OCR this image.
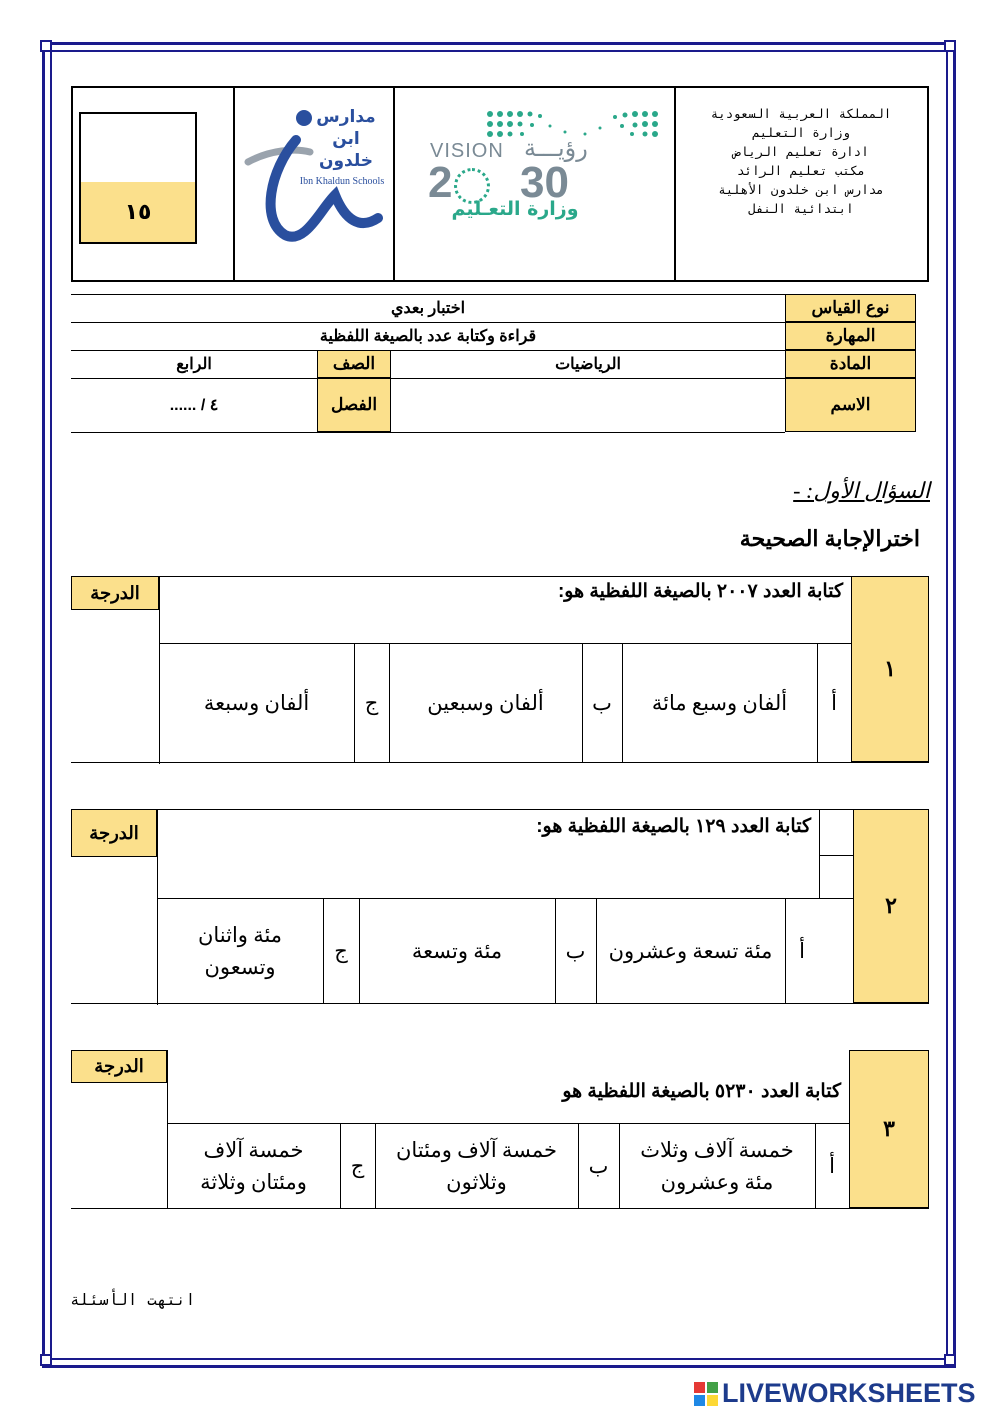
المملكة العربية السعودية
وزارة التعليم
ادارة تعليم الرياض
مكتب تعليم الرائد
مدارس ابن خلدون الأهلية
ابتدائية النفل
VISION رؤيـــة
2 30
وزارة التعـليم
مدارس
ابن خلدون
Ibn Khaldun Schools
١٥
نوع القياس
المهارة
المادة
الاسم
اختبار بعدي
قراءة وكتابة عدد بالصيغة اللفظية
الرياضيات
الصف
الرابع
الفصل
٤ / ......
السؤال الأول: -
اخترالإجابة الصحيحة
١
الدرجة	كتابة العدد ٢٠٠٧ بالصيغة اللفظية هو:
أ
ألفان وسبع مائة
ب
ألفان وسبعين
ج
ألفان وسبعة
٢
الدرجة	كتابة العدد ١٢٩ بالصيغة اللفظية هو:
أ
مئة تسعة وعشرون
ب
مئة وتسعة
ج
مئة واثنان
وتسعون
٣
الدرجة
كتابة العدد ٥٢٣٠ بالصيغة اللفظية هو
أ
خمسة آلاف وثلاث
مئة وعشرون
ب
خمسة آلاف ومئتان
وثلاثون
ج
خمسة آلاف
ومئتان وثلاثة
انتهت الأسئلة
LIVEWORKSHEETS
